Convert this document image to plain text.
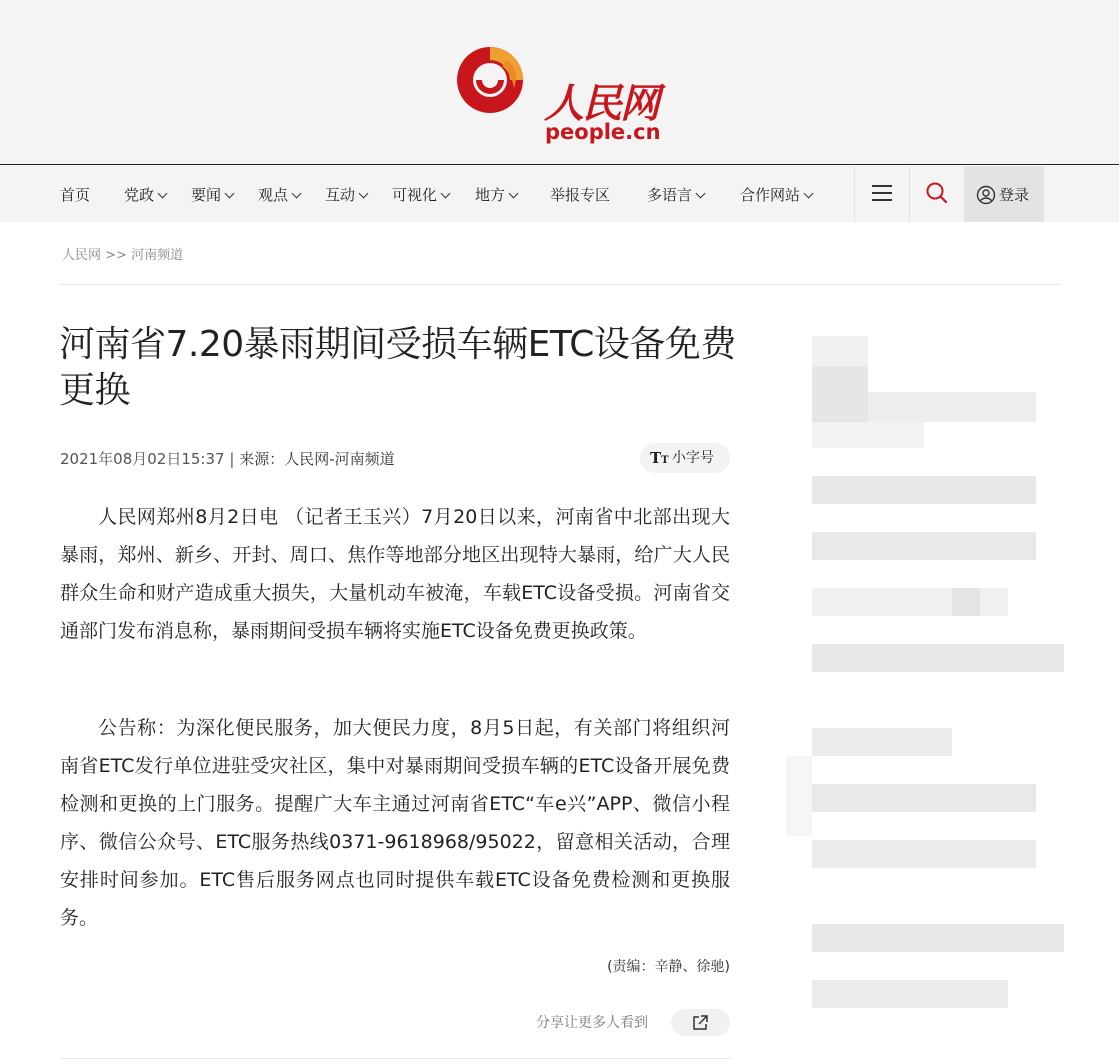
人民网
people.cn
首页 党政	要闻	观点	互动	可视化	地方	举报专区 多语言	合作网站	登录
人民网 >> 河南频道
河南省7.20暴雨期间受损车辆ETC设备免费更换
2021年08月02日15:37 | 来源：人民网-河南频道	TT 小字号

人民网郑州8月2日电 （记者王玉兴）7月20日以来，河南省中北部出现大暴雨，郑州、新乡、开封、周口、焦作等地部分地区出现特大暴雨，给广大人民群众生命和财产造成重大损失，大量机动车被淹，车载ETC设备受损。河南省交通部门发布消息称，暴雨期间受损车辆将实施ETC设备免费更换政策。

公告称：为深化便民服务，加大便民力度，8月5日起，有关部门将组织河南省ETC发行单位进驻受灾社区，集中对暴雨期间受损车辆的ETC设备开展免费检测和更换的上门服务。提醒广大车主通过河南省ETC“车e兴”APP、微信小程序、微信公众号、ETC服务热线0371-9618968/95022，留意相关活动，合理安排时间参加。ETC售后服务网点也同时提供车载ETC设备免费检测和更换服务。

(责编：辛静、徐驰)
分享让更多人看到
